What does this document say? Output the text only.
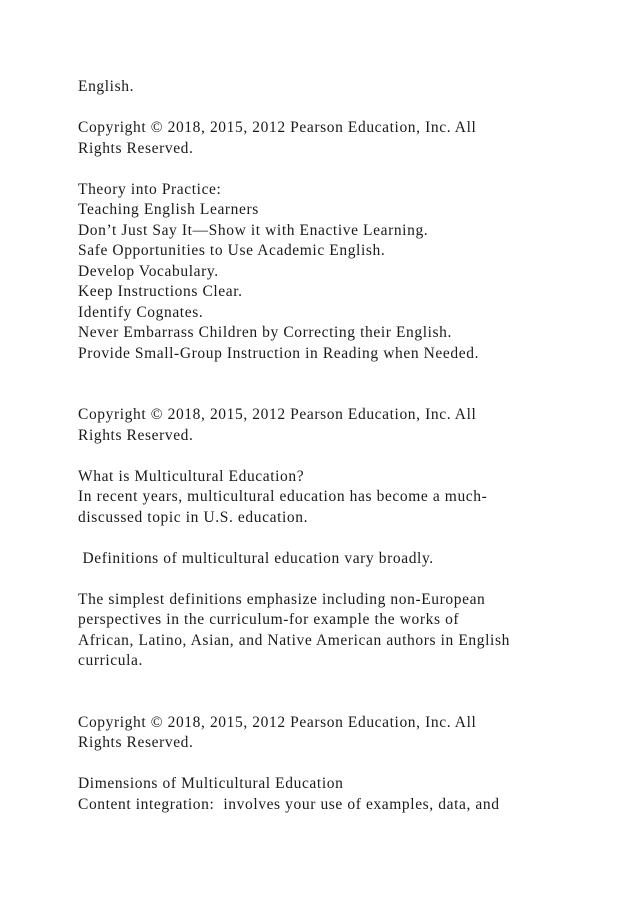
English.
Copyright © 2018, 2015, 2012 Pearson Education, Inc. All
Rights Reserved.
Theory into Practice:
Teaching English Learners
Don’t Just Say It—Show it with Enactive Learning.
Safe Opportunities to Use Academic English.
Develop Vocabulary.
Keep Instructions Clear.
Identify Cognates.
Never Embarrass Children by Correcting their English.
Provide Small-Group Instruction in Reading when Needed.
Copyright © 2018, 2015, 2012 Pearson Education, Inc. All
Rights Reserved.
What is Multicultural Education?
In recent years, multicultural education has become a much-
discussed topic in U.S. education.
Definitions of multicultural education vary broadly.
The simplest definitions emphasize including non-European
perspectives in the curriculum-for example the works of
African, Latino, Asian, and Native American authors in English
curricula.
Copyright © 2018, 2015, 2012 Pearson Education, Inc. All
Rights Reserved.
Dimensions of Multicultural Education
Content integration:  involves your use of examples, data, and
